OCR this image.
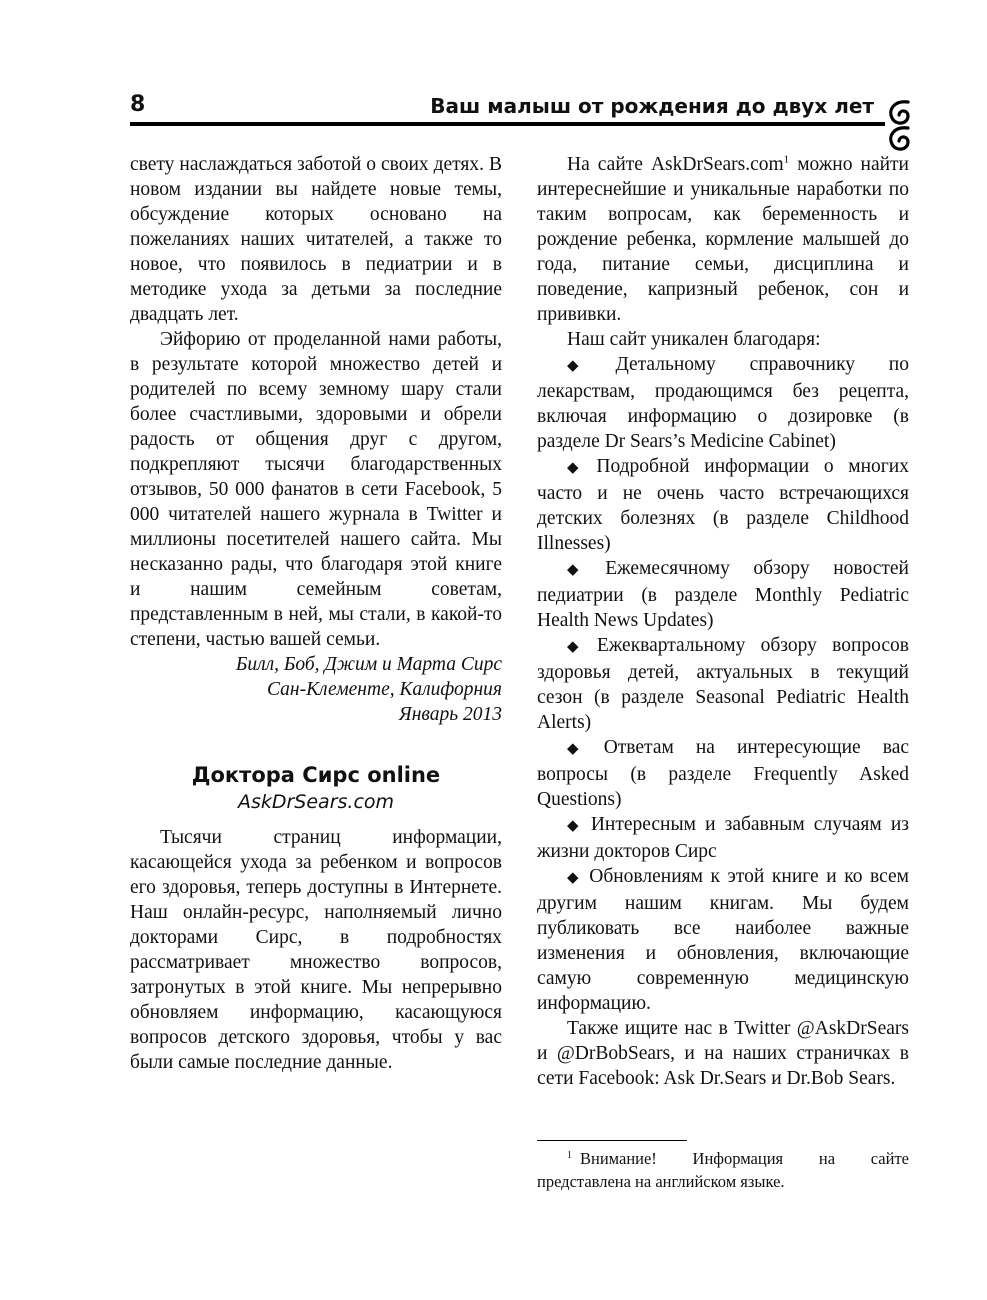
8	Ваш малыш от рождения до двух лет

свету наслаждаться заботой о своих детях. В новом издании вы найдете новые темы, обсуждение которых основано на пожеланиях наших читателей, а также то новое, что появилось в педиатрии и в методике ухода за детьми за последние двадцать лет.

Эйфорию от проделанной нами работы, в результате которой множество детей и родителей по всему земному шару стали более счастливыми, здоровыми и обрели радость от общения друг с другом, подкрепляют тысячи благодарственных отзывов, 50 000 фанатов в сети Facebook, 5 000 читателей нашего журнала в Twitter и миллионы посетителей нашего сайта. Мы несказанно рады, что благодаря этой книге и нашим семейным советам, представленным в ней, мы стали, в какой-то степени, частью вашей семьи.

Билл, Боб, Джим и Марта Сирс

Сан-Клементе, Калифорния

Январь 2013

Доктора Сирс online
AskDrSears.com

Тысячи страниц информации, касающейся ухода за ребенком и вопросов его здоровья, теперь доступны в Интернете. Наш онлайн-ресурс, наполняемый лично докторами Сирс, в подробностях рассматривает множество вопросов, затронутых в этой книге. Мы непрерывно обновляем информацию, касающуюся вопросов детского здоровья, чтобы у вас были самые последние данные.

На сайте AskDrSears.com$^1$ можно найти интереснейшие и уникальные наработки по таким вопросам, как беременность и рождение ребенка, кормление малышей до года, питание семьи, дисциплина и поведение, капризный ребенок, сон и прививки.

Наш сайт уникален благодаря:

◆ Детальному справочнику по лекарствам, продающимся без рецепта, включая информацию о дозировке (в разделе Dr Sears’s Medicine Cabinet)

◆ Подробной информации о многих часто и не очень часто встречающихся детских болезнях (в разделе Childhood Illnesses)

◆ Ежемесячному обзору новостей педиатрии (в разделе Monthly Pediatric Health News Updates)

◆ Ежеквартальному обзору вопросов здоровья детей, актуальных в текущий сезон (в разделе Seasonal Pediatric Health Alerts)

◆ Ответам на интересующие вас вопросы (в разделе Frequently Asked Questions)

◆ Интересным и забавным случаям из жизни докторов Сирс

◆ Обновлениям к этой книге и ко всем другим нашим книгам. Мы будем публиковать все наиболее важные изменения и обновления, включающие самую современную медицинскую информацию.

Также ищите нас в Twitter @AskDrSears и @DrBobSears, и на наших страничках в сети Facebook: Ask Dr.Sears и Dr.Bob Sears.

$^1$ Внимание! Информация на сайте представлена на английском языке.
